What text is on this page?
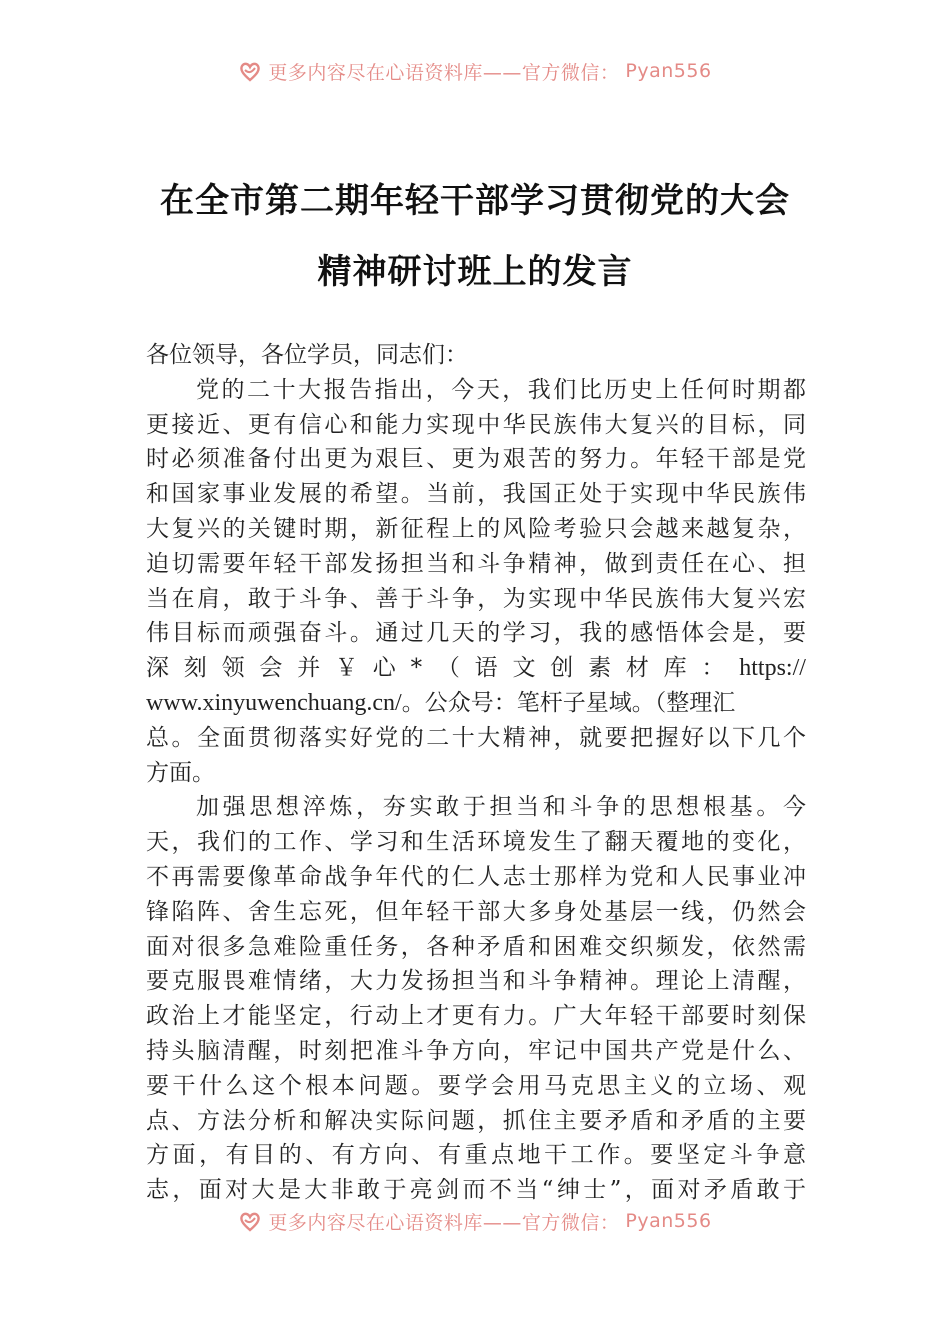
更多内容尽在心语资料库——官方微信： Pyan556
在全市第二期年轻干部学习贯彻党的大会
精神研讨班上的发言
各位领导，各位学员，同志们：
党的二十大报告指出，今天，我们比历史上任何时期都
更接近、更有信心和能力实现中华民族伟大复兴的目标，同
时必须准备付出更为艰巨、更为艰苦的努力。年轻干部是党
和国家事业发展的希望。当前，我国正处于实现中华民族伟
大复兴的关键时期，新征程上的风险考验只会越来越复杂，
迫切需要年轻干部发扬担当和斗争精神，做到责任在心、担
当在肩，敢于斗争、善于斗争，为实现中华民族伟大复兴宏
伟目标而顽强奋斗。通过几天的学习，我的感悟体会是，要
深 刻 领 会 并 ￥ 心 * （ 语 文 创 素 材 库 ： https://
www.xinyuwenchuang.cn/。公众号：笔杆子星域。（整理汇
总。全面贯彻落实好党的二十大精神，就要把握好以下几个
方面。
加强思想淬炼，夯实敢于担当和斗争的思想根基。今
天，我们的工作、学习和生活环境发生了翻天覆地的变化，
不再需要像革命战争年代的仁人志士那样为党和人民事业冲
锋陷阵、舍生忘死，但年轻干部大多身处基层一线，仍然会
面对很多急难险重任务，各种矛盾和困难交织频发，依然需
要克服畏难情绪，大力发扬担当和斗争精神。理论上清醒，
政治上才能坚定，行动上才更有力。广大年轻干部要时刻保
持头脑清醒，时刻把准斗争方向，牢记中国共产党是什么、
要干什么这个根本问题。要学会用马克思主义的立场、观
点、方法分析和解决实际问题，抓住主要矛盾和矛盾的主要
方面，有目的、有方向、有重点地干工作。要坚定斗争意
志，面对大是大非敢于亮剑而不当“绅士”，面对矛盾敢于
更多内容尽在心语资料库——官方微信： Pyan556
